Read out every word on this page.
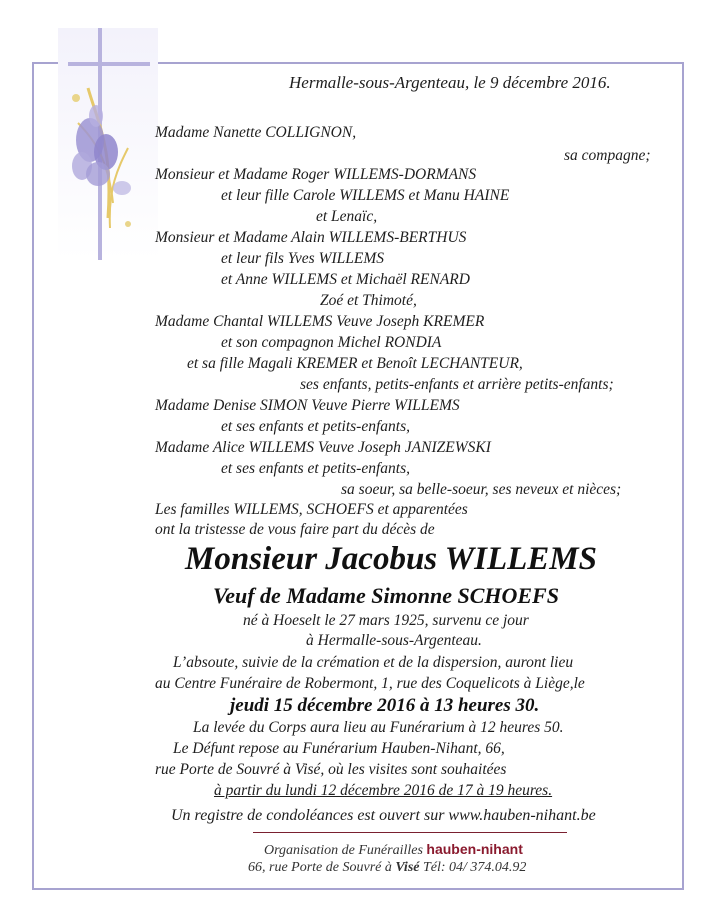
Hermalle-sous-Argenteau, le 9 décembre 2016.
Madame Nanette COLLIGNON,
sa compagne;
Monsieur et Madame Roger WILLEMS-DORMANS
et leur fille Carole WILLEMS et Manu HAINE
et Lenaïc,
Monsieur et Madame Alain WILLEMS-BERTHUS
et leur fils Yves WILLEMS
et Anne WILLEMS et Michaël RENARD
Zoé et Thimoté,
Madame Chantal WILLEMS Veuve Joseph KREMER
et son compagnon Michel RONDIA
et sa fille Magali KREMER et Benoît LECHANTEUR,
ses enfants, petits-enfants et arrière petits-enfants;
Madame Denise SIMON Veuve Pierre WILLEMS
et ses enfants et petits-enfants,
Madame Alice WILLEMS Veuve Joseph JANIZEWSKI
et ses enfants et petits-enfants,
sa soeur, sa belle-soeur, ses neveux et nièces;
Les familles WILLEMS, SCHOEFS et apparentées
ont la tristesse de vous faire part du décès de
Monsieur Jacobus WILLEMS
Veuf de Madame Simonne SCHOEFS
né à Hoeselt le 27 mars 1925, survenu ce jour
à Hermalle-sous-Argenteau.
L’absoute, suivie de la crémation et de la dispersion, auront lieu
au Centre Funéraire de Robermont, 1, rue des Coquelicots à Liège,le
jeudi 15 décembre 2016 à 13 heures 30.
La levée du Corps aura lieu au Funérarium à 12 heures 50.
Le Défunt repose au Funérarium Hauben-Nihant, 66,
rue Porte de Souvré à Visé, où les visites sont souhaitées
à partir du lundi 12 décembre 2016 de 17 à 19 heures.
Un registre de condoléances est ouvert sur www.hauben-nihant.be
Organisation de Funérailles hauben-nihant
66, rue Porte de Souvré à Visé Tél: 04/ 374.04.92
